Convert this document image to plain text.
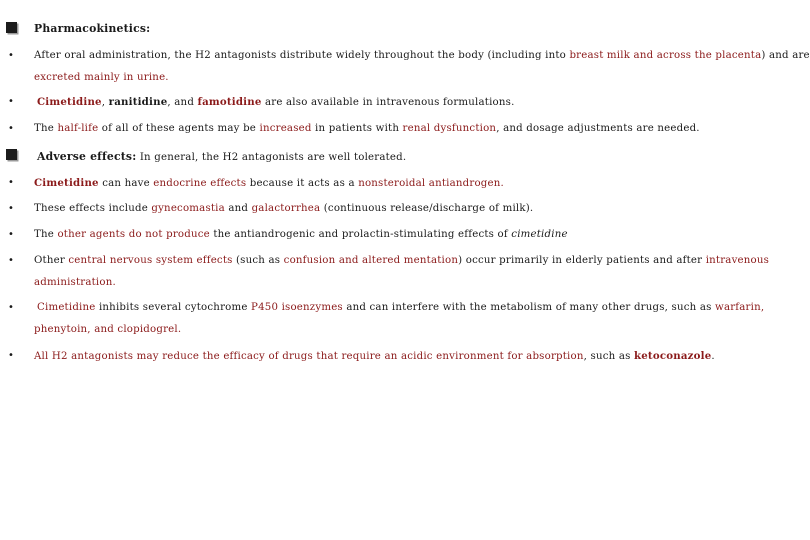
Pharmacokinetics:
• After oral administration, the H2 antagonists distribute widely throughout the body (including into breast milk and across the placenta) and are
excreted mainly in urine.
• Cimetidine, ranitidine, and famotidine are also available in intravenous formulations.
• The half-life of all of these agents may be increased in patients with renal dysfunction, and dosage adjustments are needed.
Adverse effects: In general, the H2 antagonists are well tolerated.
• Cimetidine can have endocrine effects because it acts as a nonsteroidal antiandrogen.
• These effects include gynecomastia and galactorrhea (continuous release/discharge of milk).
• The other agents do not produce the antiandrogenic and prolactin-stimulating effects of cimetidine
• Other central nervous system effects (such as confusion and altered mentation) occur primarily in elderly patients and after intravenous
administration.
• Cimetidine inhibits several cytochrome P450 isoenzymes and can interfere with the metabolism of many other drugs, such as warfarin,
phenytoin, and clopidogrel.
• All H2 antagonists may reduce the efficacy of drugs that require an acidic environment for absorption, such as ketoconazole.
